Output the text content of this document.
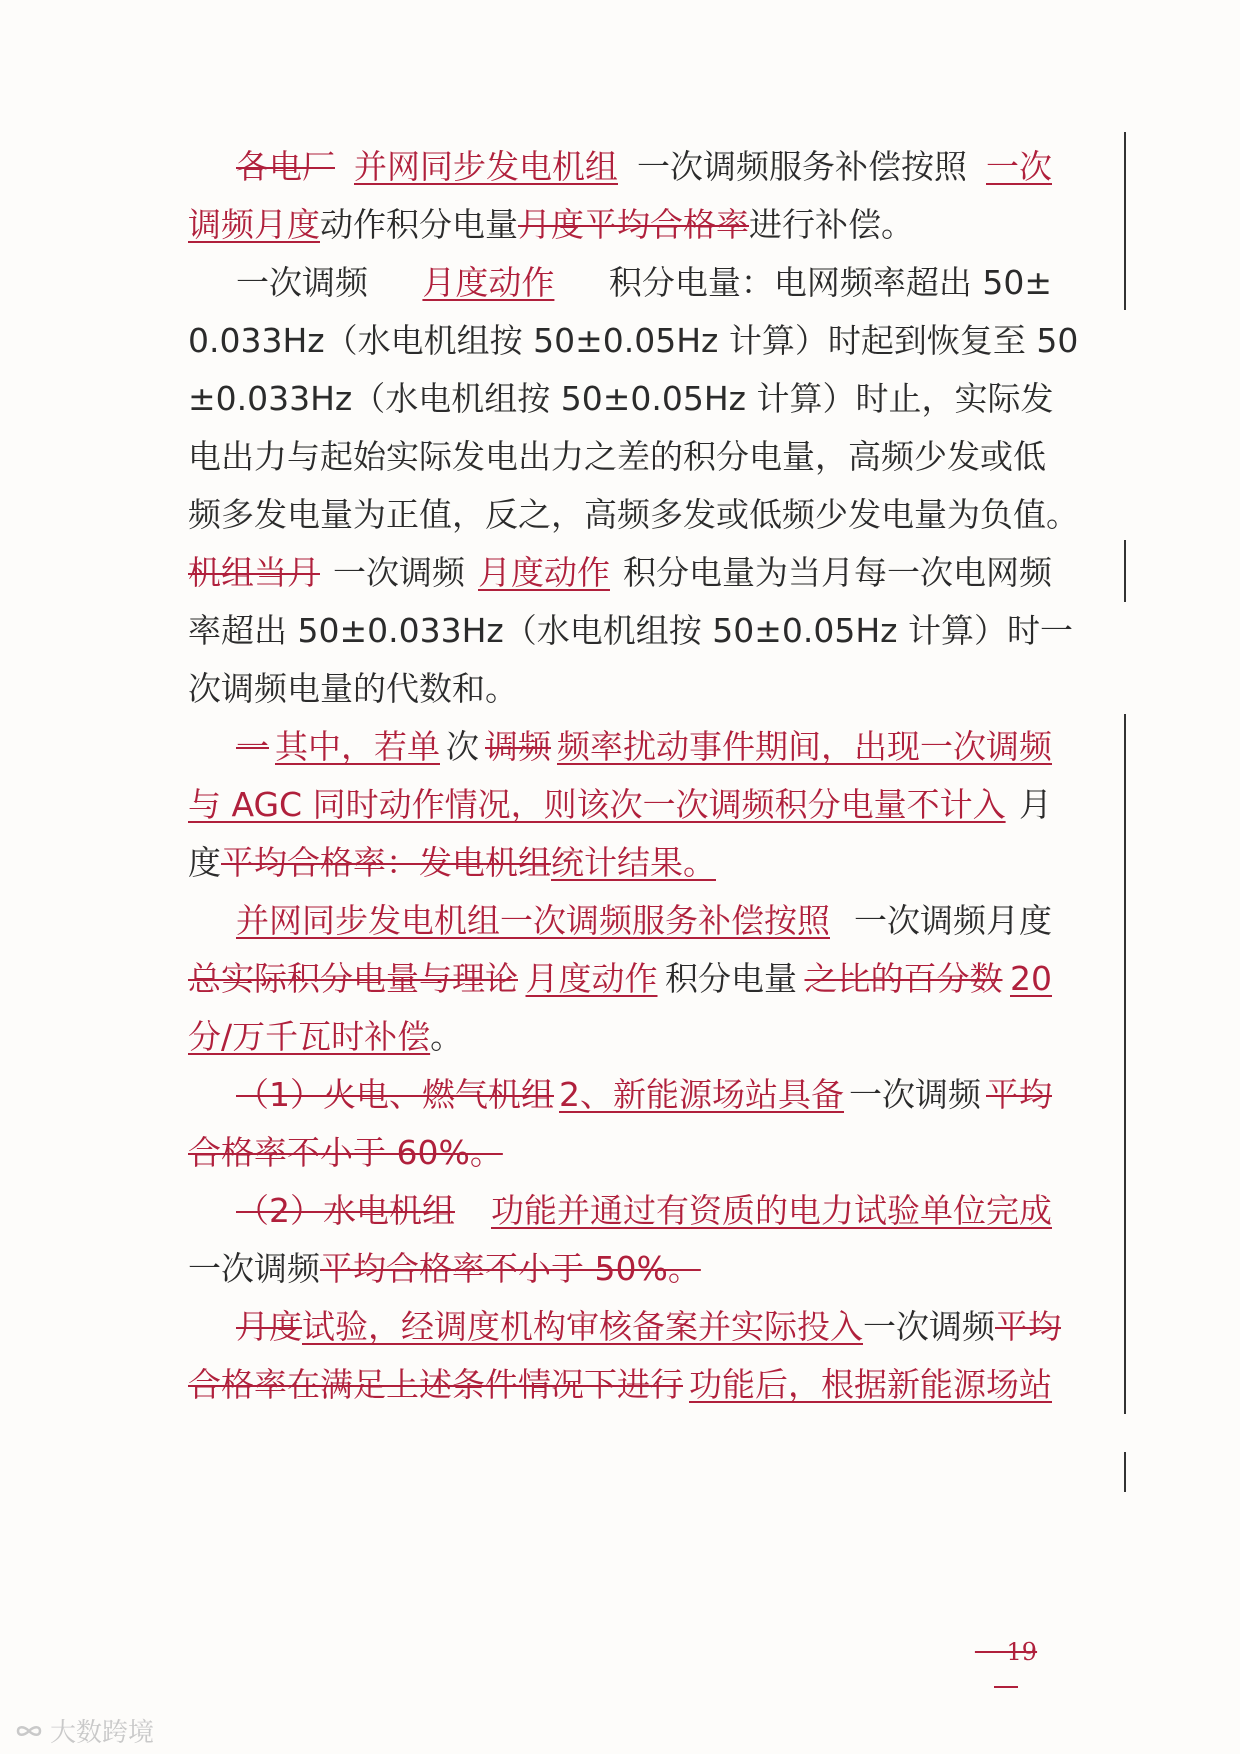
各电厂 并网同步发电机组 一次调频服务补偿按照 一次
调频月度 动作积分电量 月度平均合格率 进行补偿。
一次调频 月度动作 积分电量：电网频率超出 50±
0.033Hz（水电机组按 50±0.05Hz 计算）时起到恢复至 50
±0.033Hz（水电机组按 50±0.05Hz 计算）时止，实际发
电出力与起始实际发电出力之差的积分电量，高频少发或低
频多发电量为正值，反之，高频多发或低频少发电量为负值。
机组当月 一次调频 月度动作 积分电量为当月每一次电网频
率超出 50±0.033Hz（水电机组按 50±0.05Hz 计算）时一
次调频电量的代数和。
一 其中，若单 次 调频 频率扰动事件期间，出现一次调频
与 AGC 同时动作情况，则该次一次调频积分电量不计入 月
度 平均合格率：发电机组 统计结果。
并网同步发电机组一次调频服务补偿按照 一次调频月度
总实际积分电量与理论 月度动作 积分电量 之比的百分数 20
分/万千瓦时补偿 。
（1）火电、燃气机组 2、新能源场站具备 一次调频 平均
合格率不小于 60%。
（2）水电机组 功能并通过有资质的电力试验单位完成
一次调频 平均合格率不小于 50%。
月度 试验，经调度机构审核备案并实际投入 一次调频 平均
合格率在满足上述条件情况下进行 功能后，根据新能源场站
－ 19 －
大数跨境
